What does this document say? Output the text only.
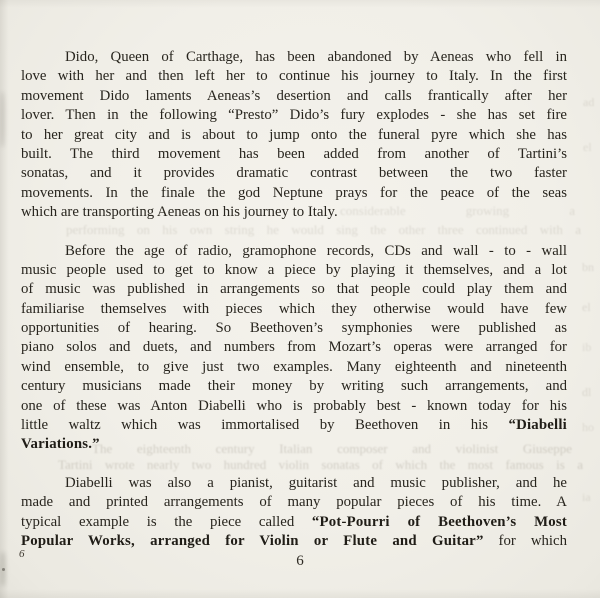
considerable growing a
performing on his own string he would sing the other three continued with a
The eighteenth century Italian composer and violinist Giuseppe
Tartini wrote nearly two hundred violin sonatas of which the most famous is a
ad
el
bn
el
ib
dl
ho
ia
Dido, Queen of Carthage, has been abandoned by Aeneas who fell in
love with her and then left her to continue his journey to Italy. In the first
movement Dido laments Aeneas’s desertion and calls frantically after her
lover. Then in the following “Presto” Dido’s fury explodes - she has set fire
to her great city and is about to jump onto the funeral pyre which she has
built. The third movement has been added from another of Tartini’s
sonatas, and it provides dramatic contrast between the two faster
movements. In the finale the god Neptune prays for the peace of the seas
which are transporting Aeneas on his journey to Italy.
Before the age of radio, gramophone records, CDs and wall - to - wall
music people used to get to know a piece by playing it themselves, and a lot
of music was published in arrangements so that people could play them and
familiarise themselves with pieces which they otherwise would have few
opportunities of hearing. So Beethoven’s symphonies were published as
piano solos and duets, and numbers from Mozart’s operas were arranged for
wind ensemble, to give just two examples. Many eighteenth and nineteenth
century musicians made their money by writing such arrangements, and
one of these was Anton Diabelli who is probably best - known today for his
little waltz which was immortalised by Beethoven in his “Diabelli
Variations.”
Diabelli was also a pianist, guitarist and music publisher, and he
made and printed arrangements of many popular pieces of his time. A
typical example is the piece called “Pot-Pourri of Beethoven’s Most
Popular Works, arranged for Violin or Flute and Guitar” for which
6	6
